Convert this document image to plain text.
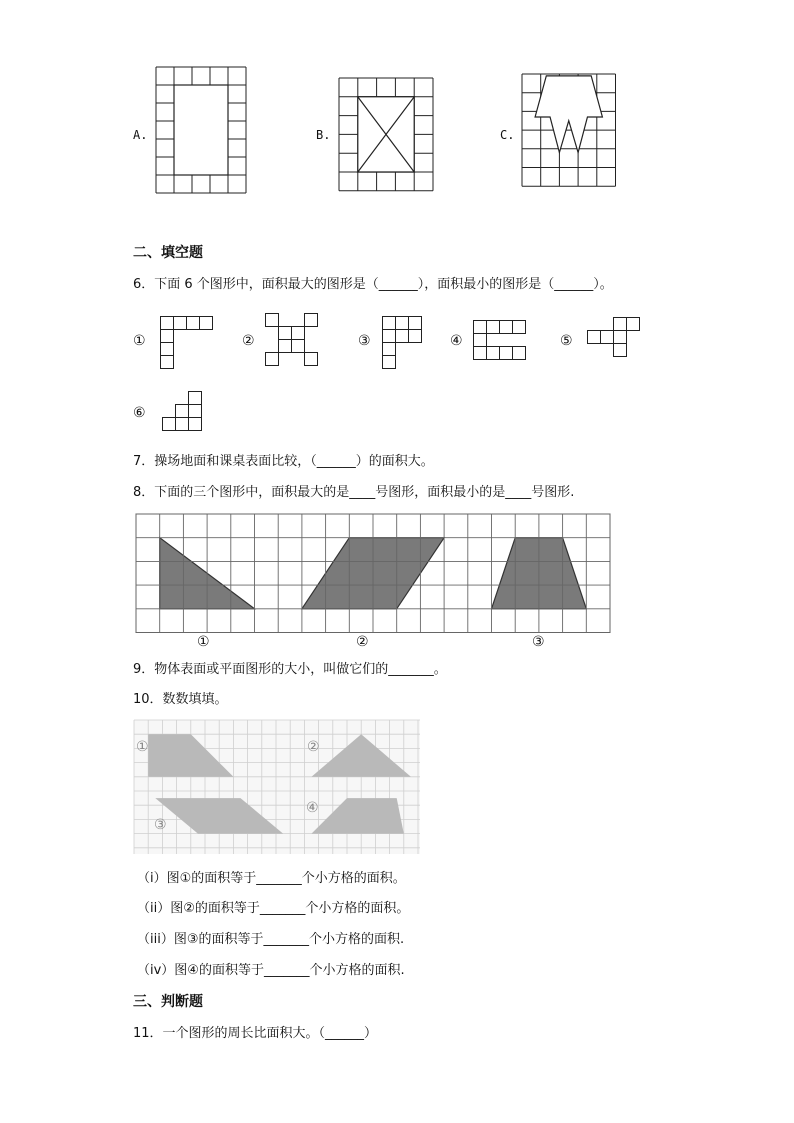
A.	B.	C.
二、填空题
6．下面 6 个图形中，面积最大的图形是（______），面积最小的图形是（______）。
①	②	③	④	⑤
⑥
7．操场地面和课桌表面比较，（______）的面积大。
8．下面的三个图形中，面积最大的是____号图形，面积最小的是____号图形.
①	②	③
9．物体表面或平面图形的大小，叫做它们的_______。
10．数数填填。
①	②
③
④
（i）图①的面积等于_______个小方格的面积。
（ii）图②的面积等于_______个小方格的面积。
（iii）图③的面积等于_______个小方格的面积.
（iv）图④的面积等于_______个小方格的面积.
三、判断题
11．一个图形的周长比面积大。（______）
